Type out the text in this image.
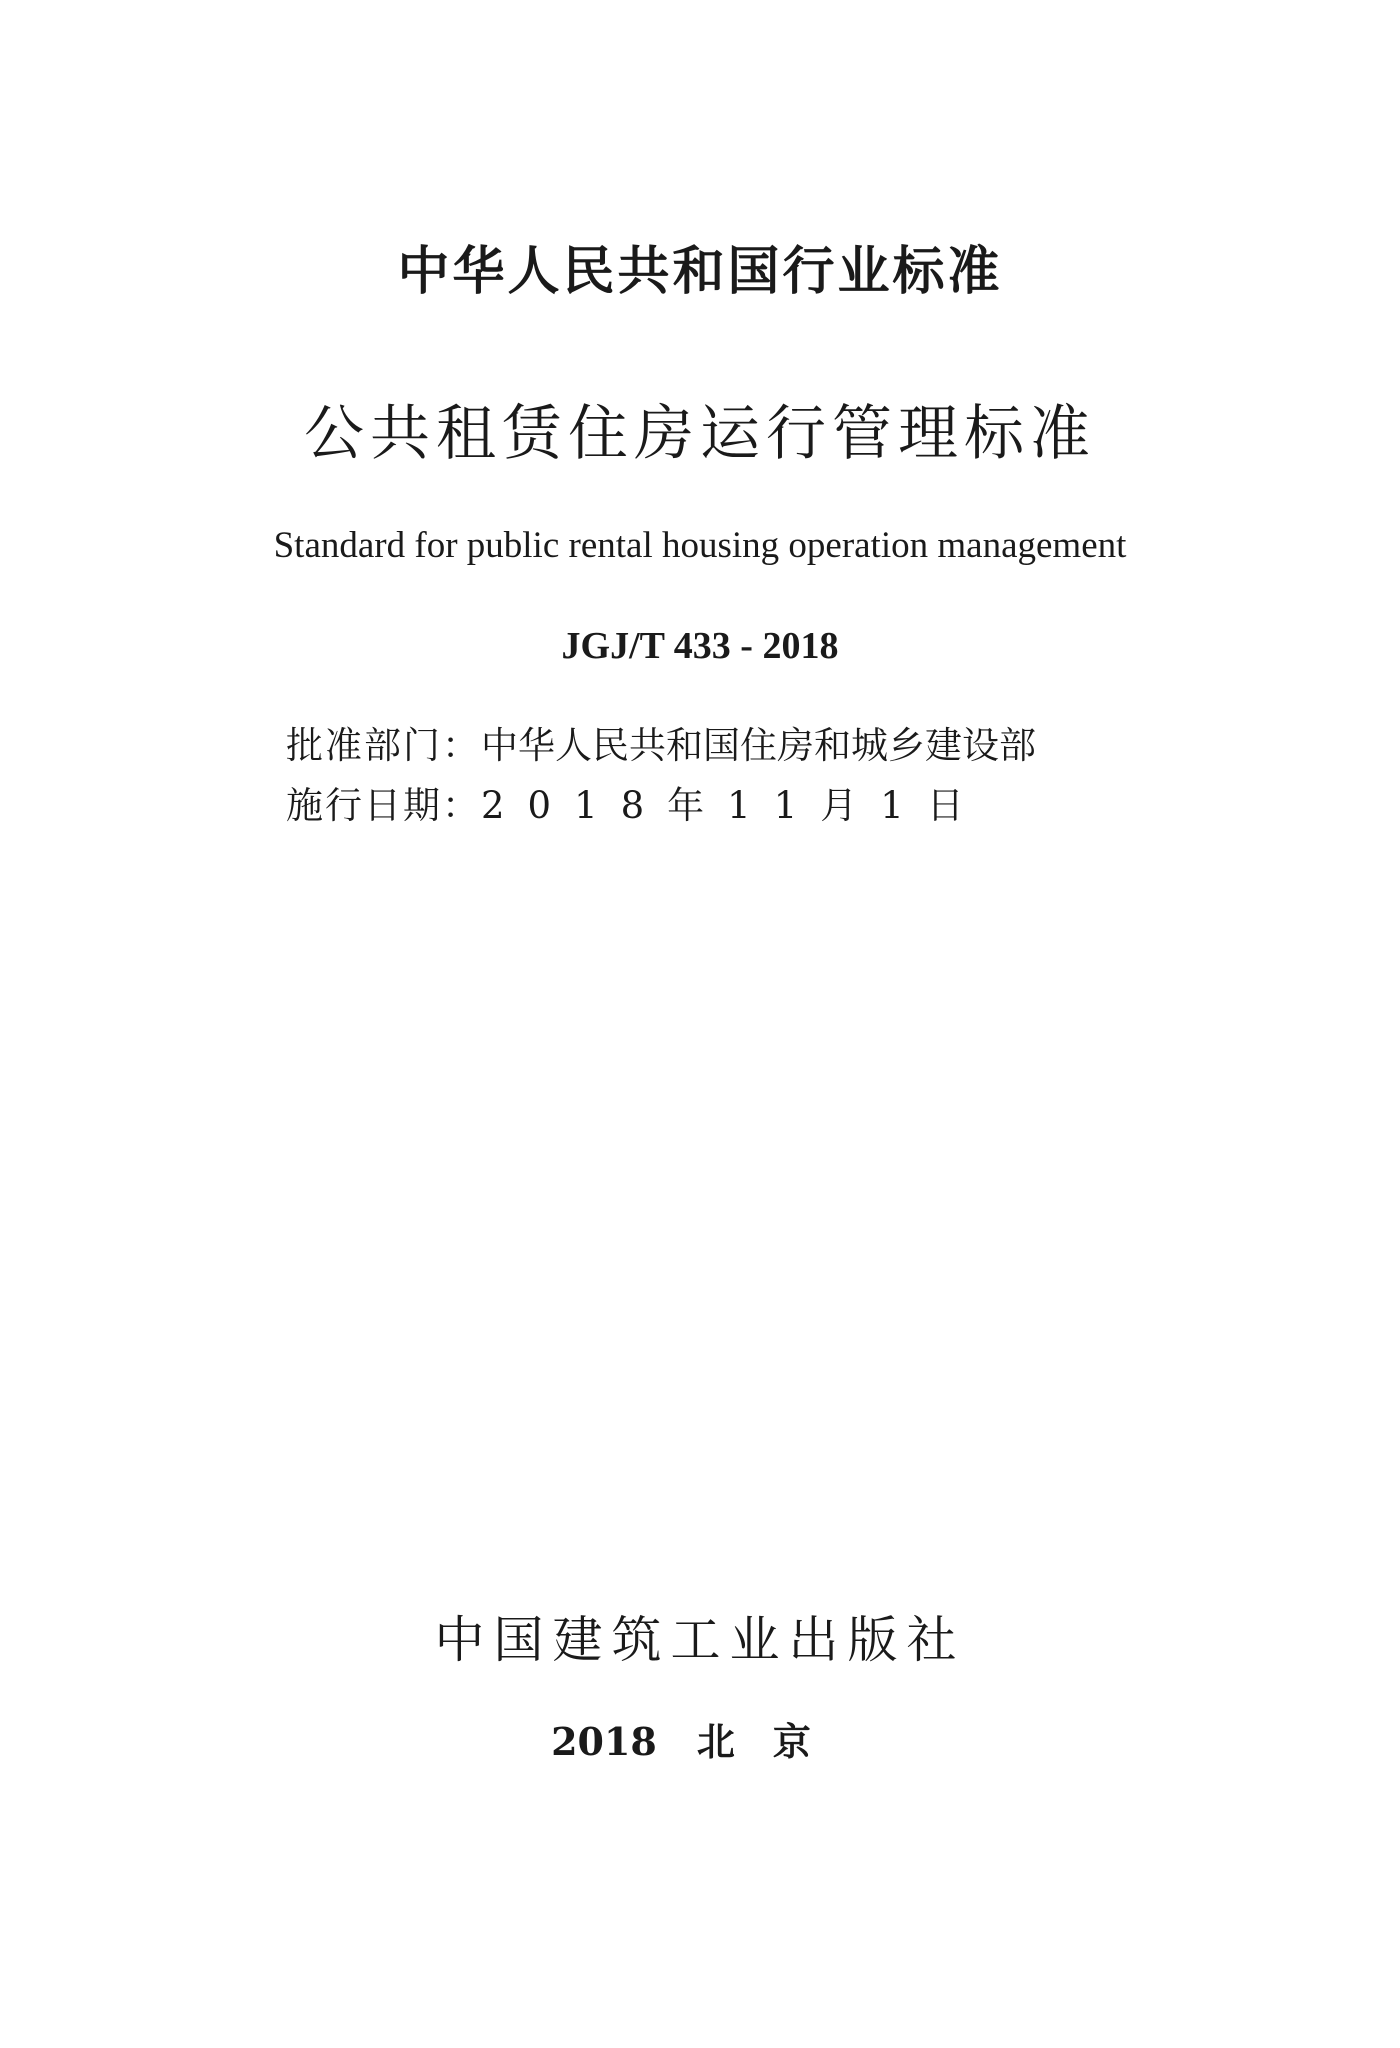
中华人民共和国行业标准
公共租赁住房运行管理标准
Standard for public rental housing operation management
JGJ/T 433 - 2018
批准部门：中华人民共和国住房和城乡建设部
施行日期：2018年11月1日
中国建筑工业出版社
2018 北京
